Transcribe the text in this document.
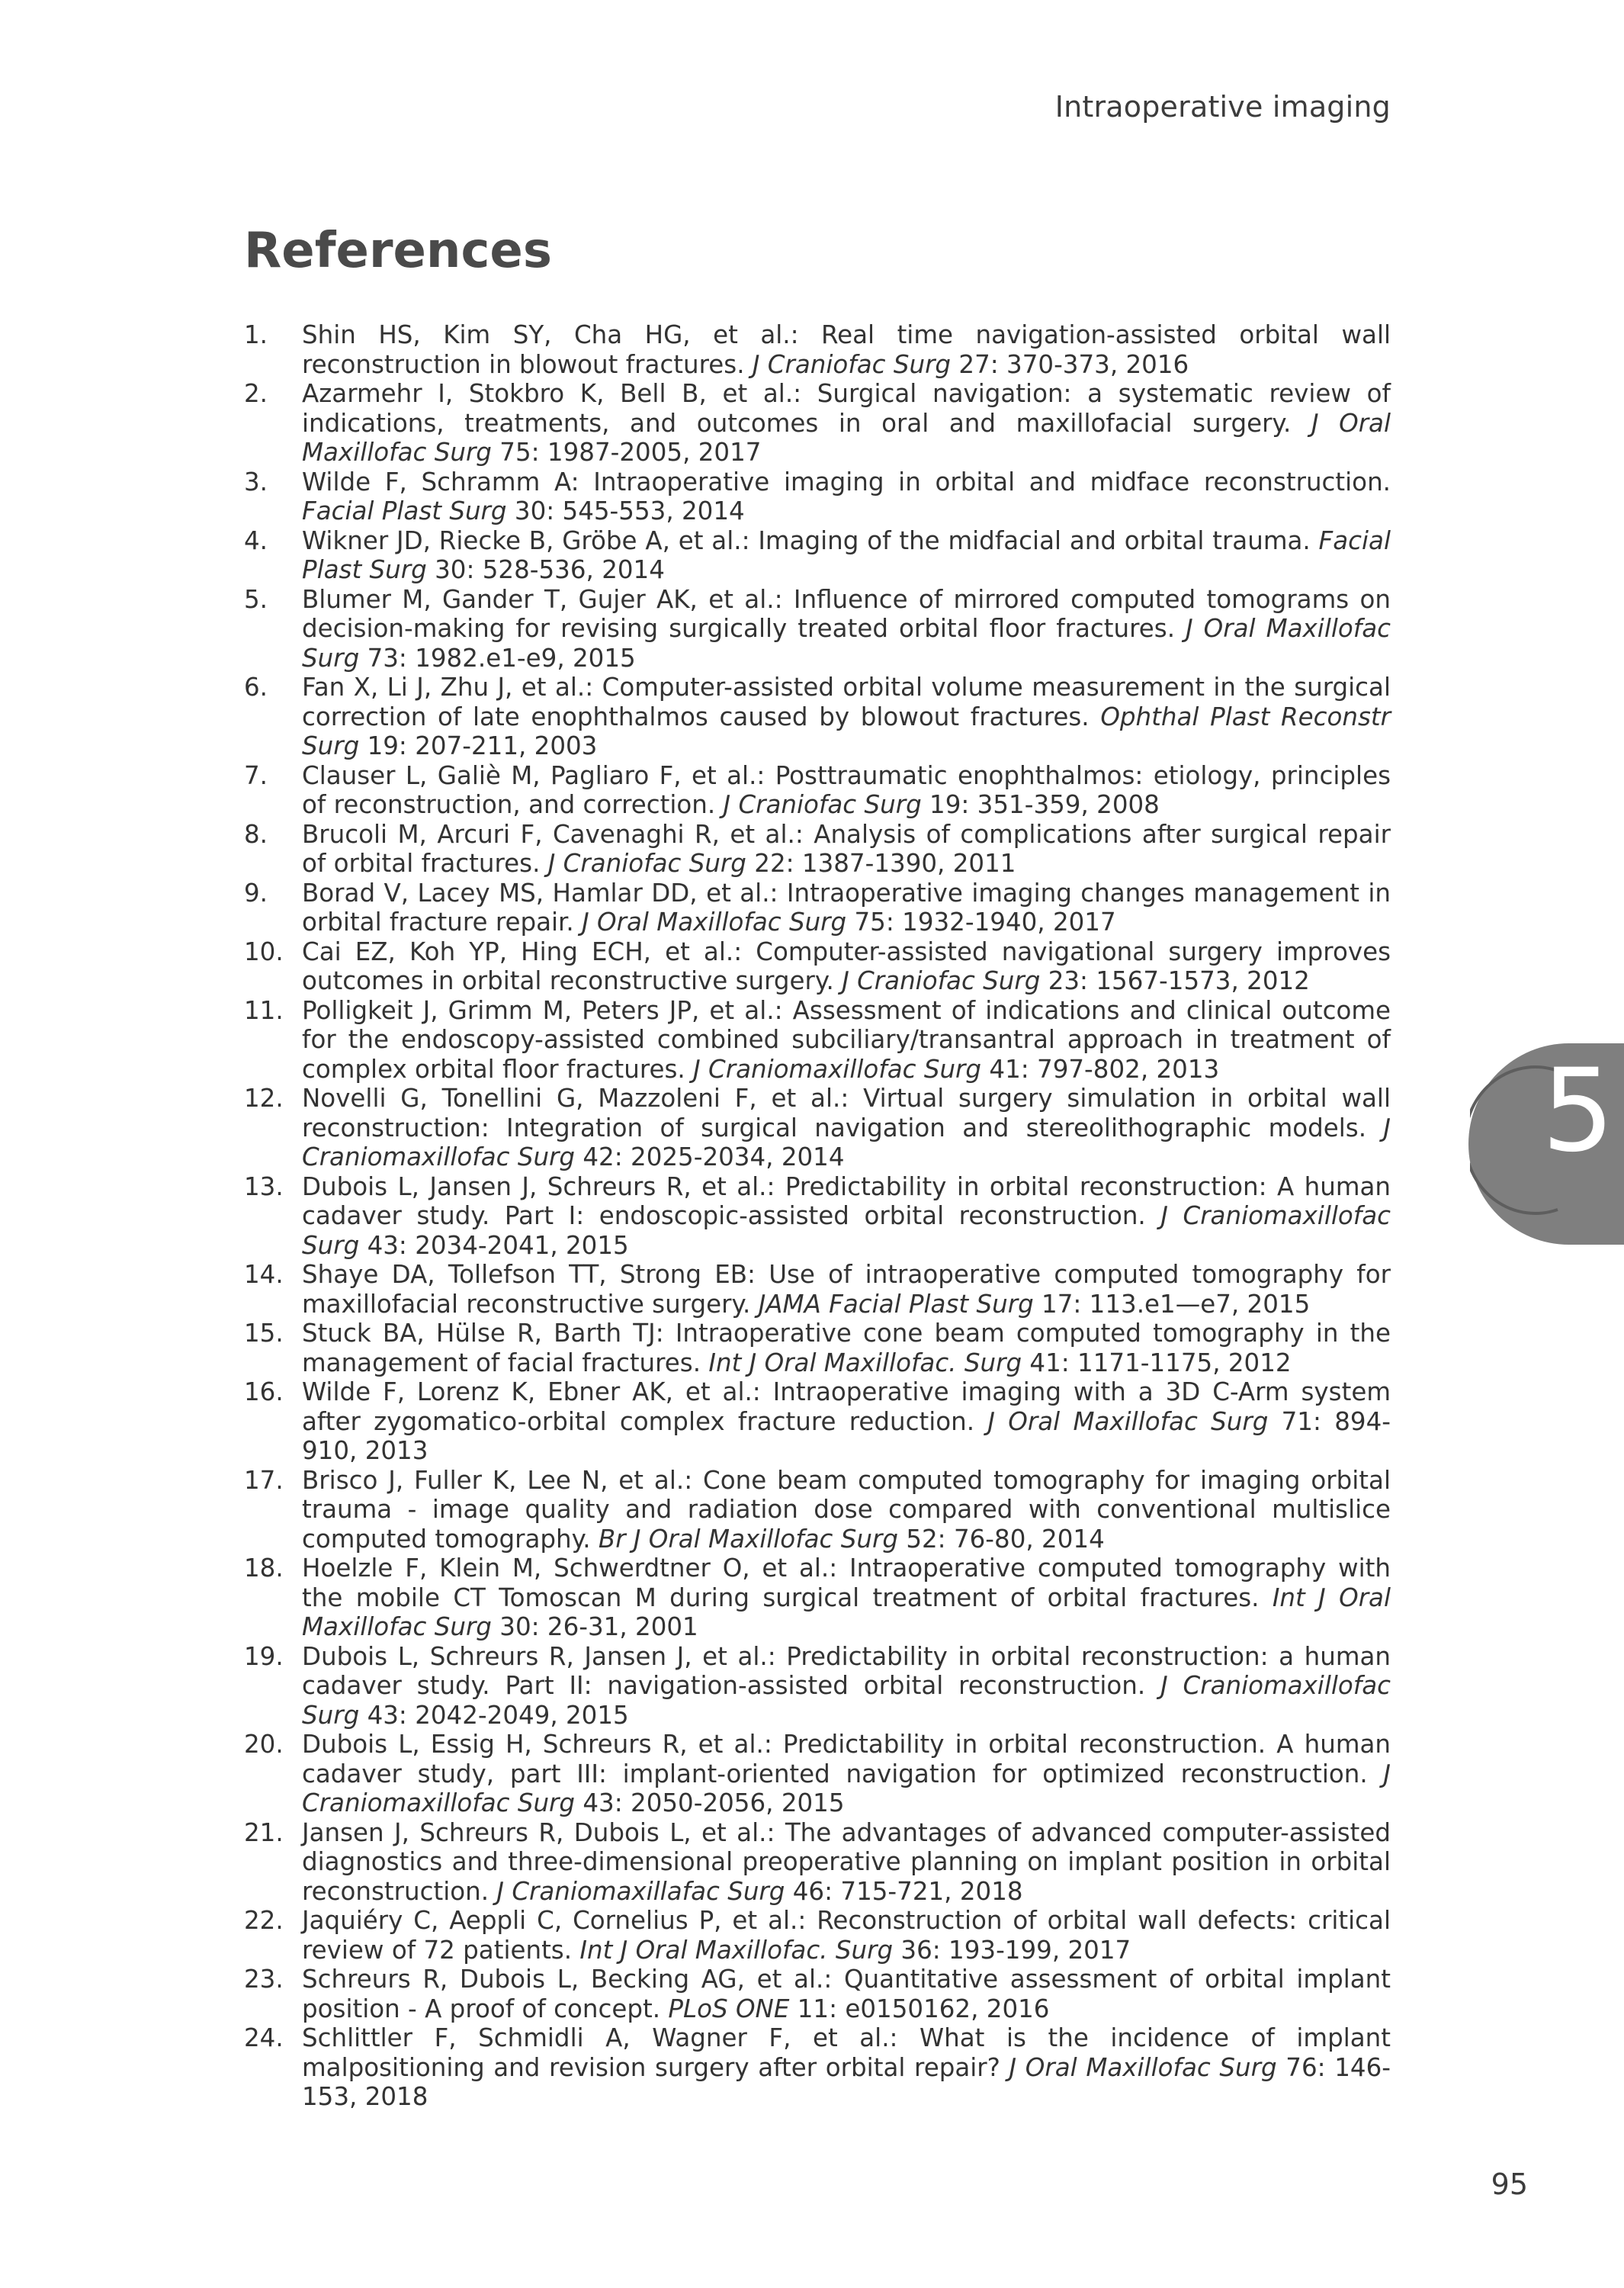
Intraoperative imaging
References
1. Shin HS, Kim SY, Cha HG, et al.: Real time navigation-assisted orbital wall reconstruction in blowout fractures. J Craniofac Surg 27: 370-373, 2016
2. Azarmehr I, Stokbro K, Bell B, et al.: Surgical navigation: a systematic review of indications, treatments, and outcomes in oral and maxillofacial surgery. J Oral Maxillofac Surg 75: 1987-2005, 2017
3. Wilde F, Schramm A: Intraoperative imaging in orbital and midface reconstruction. Facial Plast Surg 30: 545-553, 2014
4. Wikner JD, Riecke B, Gröbe A, et al.: Imaging of the midfacial and orbital trauma. Facial Plast Surg 30: 528-536, 2014
5. Blumer M, Gander T, Gujer AK, et al.: Influence of mirrored computed tomograms on decision-making for revising surgically treated orbital floor fractures. J Oral Maxillofac Surg 73: 1982.e1-e9, 2015
6. Fan X, Li J, Zhu J, et al.: Computer-assisted orbital volume measurement in the surgical correction of late enophthalmos caused by blowout fractures. Ophthal Plast Reconstr Surg 19: 207-211, 2003
7. Clauser L, Galiè M, Pagliaro F, et al.: Posttraumatic enophthalmos: etiology, principles of reconstruction, and correction. J Craniofac Surg 19: 351-359, 2008
8. Brucoli M, Arcuri F, Cavenaghi R, et al.: Analysis of complications after surgical repair of orbital fractures. J Craniofac Surg 22: 1387-1390, 2011
9. Borad V, Lacey MS, Hamlar DD, et al.: Intraoperative imaging changes management in orbital fracture repair. J Oral Maxillofac Surg 75: 1932-1940, 2017
10. Cai EZ, Koh YP, Hing ECH, et al.: Computer-assisted navigational surgery improves outcomes in orbital reconstructive surgery. J Craniofac Surg 23: 1567-1573, 2012
11. Polligkeit J, Grimm M, Peters JP, et al.: Assessment of indications and clinical outcome for the endoscopy-assisted combined subciliary/transantral approach in treatment of complex orbital floor fractures. J Craniomaxillofac Surg 41: 797-802, 2013
12. Novelli G, Tonellini G, Mazzoleni F, et al.: Virtual surgery simulation in orbital wall reconstruction: Integration of surgical navigation and stereolithographic models. J Craniomaxillofac Surg 42: 2025-2034, 2014
13. Dubois L, Jansen J, Schreurs R, et al.: Predictability in orbital reconstruction: A human cadaver study. Part I: endoscopic-assisted orbital reconstruction. J Craniomaxillofac Surg 43: 2034-2041, 2015
14. Shaye DA, Tollefson TT, Strong EB: Use of intraoperative computed tomography for maxillofacial reconstructive surgery. JAMA Facial Plast Surg 17: 113.e1—e7, 2015
15. Stuck BA, Hülse R, Barth TJ: Intraoperative cone beam computed tomography in the management of facial fractures. Int J Oral Maxillofac. Surg 41: 1171-1175, 2012
16. Wilde F, Lorenz K, Ebner AK, et al.: Intraoperative imaging with a 3D C-Arm system after zygomatico-orbital complex fracture reduction. J Oral Maxillofac Surg 71: 894-910, 2013
17. Brisco J, Fuller K, Lee N, et al.: Cone beam computed tomography for imaging orbital trauma - image quality and radiation dose compared with conventional multislice computed tomography. Br J Oral Maxillofac Surg 52: 76-80, 2014
18. Hoelzle F, Klein M, Schwerdtner O, et al.: Intraoperative computed tomography with the mobile CT Tomoscan M during surgical treatment of orbital fractures. Int J Oral Maxillofac Surg 30: 26-31, 2001
19. Dubois L, Schreurs R, Jansen J, et al.: Predictability in orbital reconstruction: a human cadaver study. Part II: navigation-assisted orbital reconstruction. J Craniomaxillofac Surg 43: 2042-2049, 2015
20. Dubois L, Essig H, Schreurs R, et al.: Predictability in orbital reconstruction. A human cadaver study, part III: implant-oriented navigation for optimized reconstruction. J Craniomaxillofac Surg 43: 2050-2056, 2015
21. Jansen J, Schreurs R, Dubois L, et al.: The advantages of advanced computer-assisted diagnostics and three-dimensional preoperative planning on implant position in orbital reconstruction. J Craniomaxillafac Surg 46: 715-721, 2018
22. Jaquiéry C, Aeppli C, Cornelius P, et al.: Reconstruction of orbital wall defects: critical review of 72 patients. Int J Oral Maxillofac. Surg 36: 193-199, 2017
23. Schreurs R, Dubois L, Becking AG, et al.: Quantitative assessment of orbital implant position - A proof of concept. PLoS ONE 11: e0150162, 2016
24. Schlittler F, Schmidli A, Wagner F, et al.: What is the incidence of implant malpositioning and revision surgery after orbital repair? J Oral Maxillofac Surg 76: 146-153, 2018
5
95
